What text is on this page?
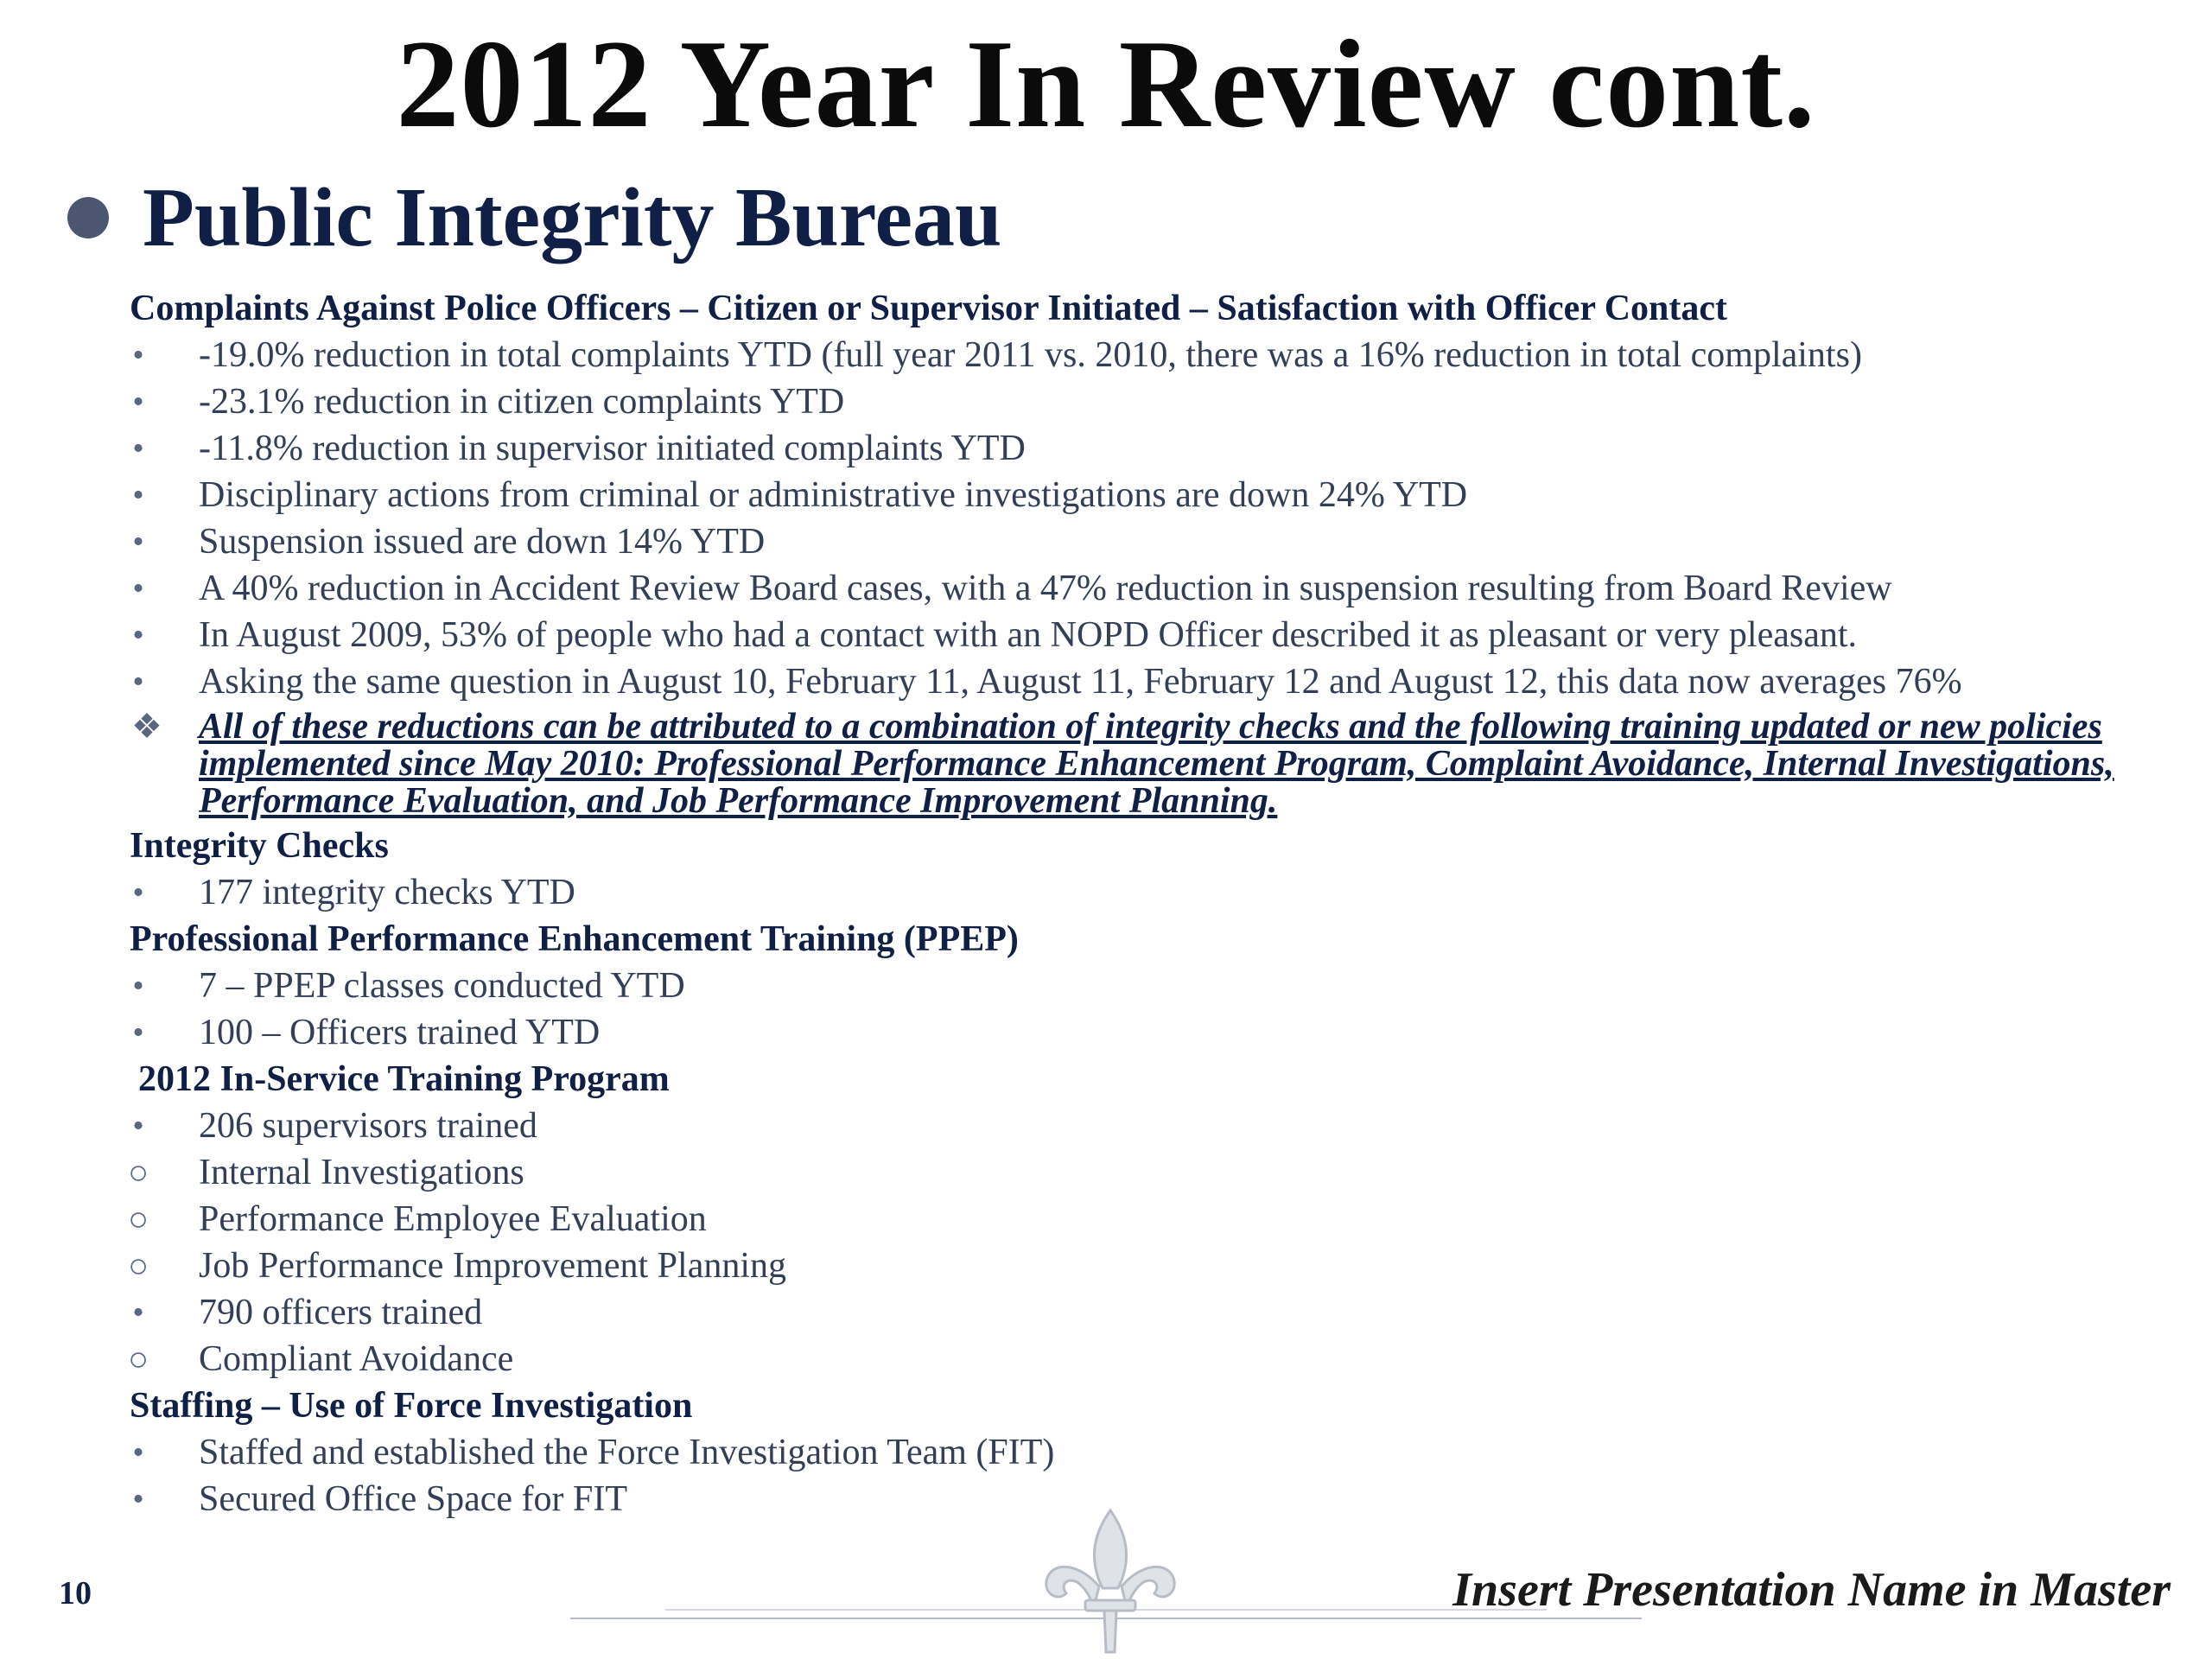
2012 Year In Review cont.
Public Integrity Bureau
Complaints Against Police Officers – Citizen or Supervisor Initiated – Satisfaction with Officer Contact
• -19.0% reduction in total complaints YTD (full year 2011 vs. 2010, there was a 16% reduction in total complaints)
• -23.1% reduction in citizen complaints YTD
• -11.8% reduction in supervisor initiated complaints YTD
• Disciplinary actions from criminal or administrative investigations are down 24% YTD
• Suspension issued are down 14% YTD
• A 40% reduction in Accident Review Board cases, with a 47% reduction in suspension resulting from Board Review
• In August 2009, 53% of people who had a contact with an NOPD Officer described it as pleasant or very pleasant.
• Asking the same question in August 10, February 11, August 11, February 12 and August 12, this data now averages 76%
❖ All of these reductions can be attributed to a combination of integrity checks and the following training updated or new policies implemented since May 2010: Professional Performance Enhancement Program, Complaint Avoidance, Internal Investigations, Performance Evaluation, and Job Performance Improvement Planning.
Integrity Checks
• 177 integrity checks YTD
Professional Performance Enhancement Training (PPEP)
• 7 – PPEP classes conducted YTD
• 100 – Officers trained YTD
2012 In-Service Training Program
• 206 supervisors trained
○ Internal Investigations
○ Performance Employee Evaluation
○ Job Performance Improvement Planning
• 790 officers trained
○ Compliant Avoidance
Staffing – Use of Force Investigation
• Staffed and established the Force Investigation Team (FIT)
• Secured Office Space for FIT
10	Insert Presentation Name in Master
